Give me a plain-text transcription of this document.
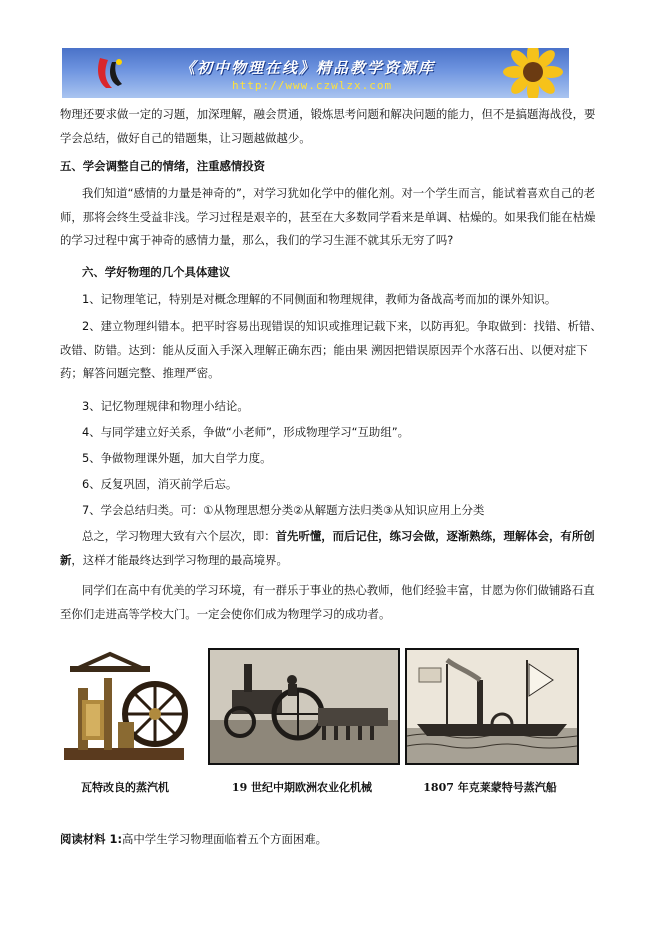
《初中物理在线》精品教学资源库
http://www.czwlzx.com

物理还要求做一定的习题，加深理解，融会贯通，锻炼思考问题和解决问题的能力，但不是搞题海战役，要学会总结，做好自己的错题集，让习题越做越少。

五、学会调整自己的情绪，注重感情投资

我们知道“感情的力量是神奇的”，对学习犹如化学中的催化剂。对一个学生而言，能试着喜欢自己的老师，那将会终生受益非浅。学习过程是艰辛的，甚至在大多数同学看来是单调、枯燥的。如果我们能在枯燥的学习过程中寓于神奇的感情力量，那么，我们的学习生涯不就其乐无穷了吗?

六、学好物理的几个具体建议

1、记物理笔记，特别是对概念理解的不同侧面和物理规律，教师为备战高考而加的课外知识。

2、建立物理纠错本。把平时容易出现错误的知识或推理记载下来，以防再犯。争取做到：找错、析错、改错、防错。达到：能从反面入手深入理解正确东西；能由果 溯因把错误原因弄个水落石出、以便对症下药；解答问题完整、推理严密。

3、记忆物理规律和物理小结论。

4、与同学建立好关系，争做“小老师”，形成物理学习“互助组”。

5、争做物理课外题，加大自学力度。

6、反复巩固，消灭前学后忘。

7、学会总结归类。可：①从物理思想分类②从解题方法归类③从知识应用上分类

总之，学习物理大致有六个层次，即：首先听懂，而后记住，练习会做，逐渐熟练，理解体会，有所创新，这样才能最终达到学习物理的最高境界。

同学们在高中有优美的学习环境，有一群乐于事业的热心教师，他们经验丰富，甘愿为你们做铺路石直至你们走进高等学校大门。一定会使你们成为物理学习的成功者。

瓦特改良的蒸汽机	19 世纪中期欧洲农业化机械	1807 年克莱蒙特号蒸汽船

阅读材料 1:高中学生学习物理面临着五个方面困难。
